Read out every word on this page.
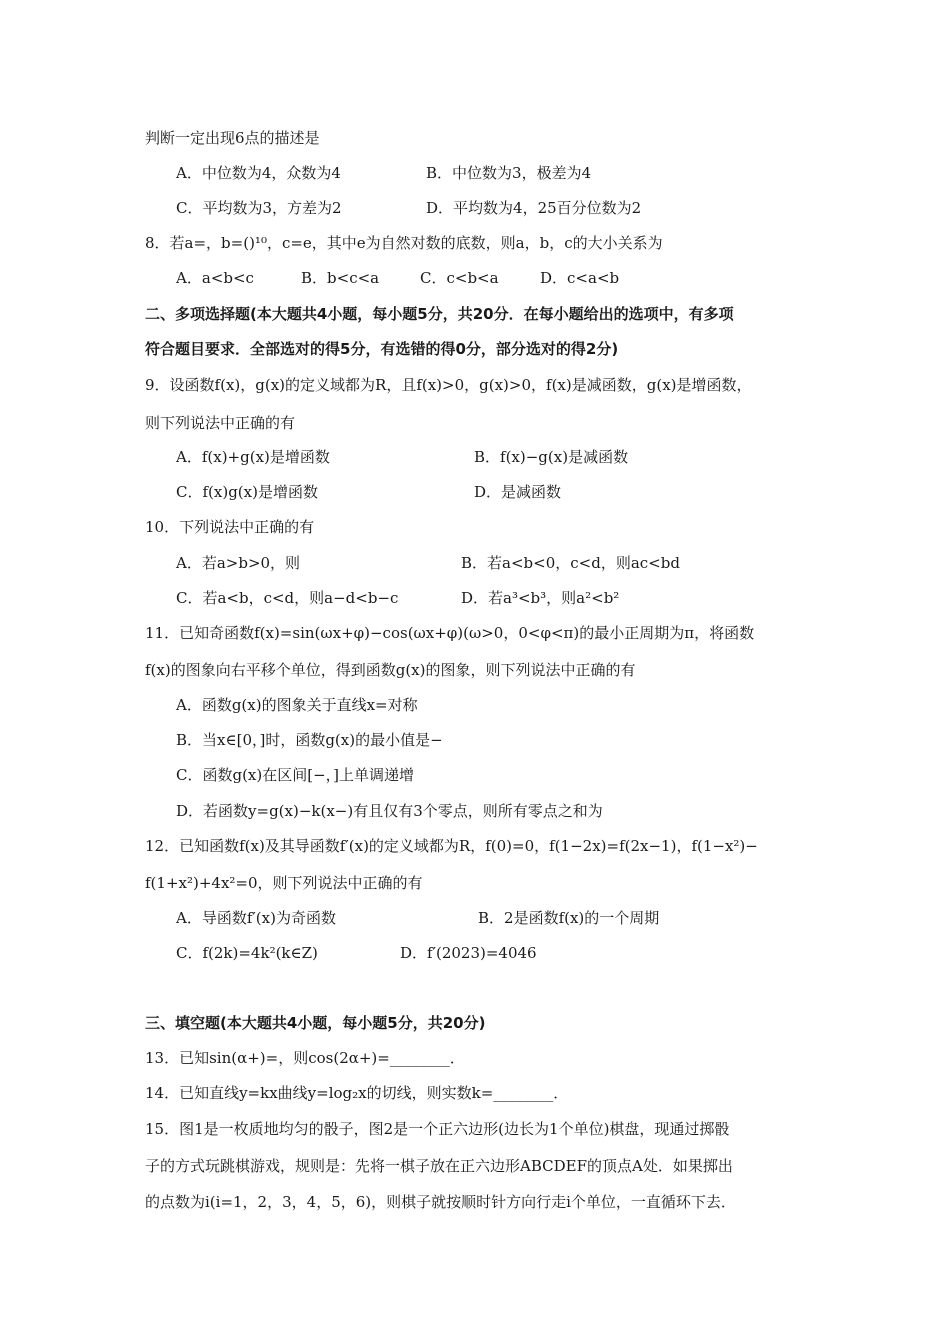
判断一定出现6点的描述是
A．中位数为4，众数为4	B．中位数为3，极差为4
C．平均数为3，方差为2	D．平均数为4，25百分位数为2
8．若a=，b=()¹⁰，c=e，其中e为自然对数的底数，则a，b，c的大小关系为
A．a<b<c	B．b<c<a	C．c<b<a	D．c<a<b
二、多项选择题(本大题共4小题，每小题5分，共20分．在每小题给出的选项中，有多项
符合题目要求．全部选对的得5分，有选错的得0分，部分选对的得2分)
9．设函数f(x)，g(x)的定义域都为R，且f(x)>0，g(x)>0，f(x)是减函数，g(x)是增函数，
则下列说法中正确的有
A．f(x)+g(x)是增函数	B．f(x)−g(x)是减函数
C．f(x)g(x)是增函数	D．是减函数
10．下列说法中正确的有
A．若a>b>0，则	B．若a<b<0，c<d，则ac<bd
C．若a<b，c<d，则a−d<b−c	D．若a³<b³，则a²<b²
11．已知奇函数f(x)=sin(ωx+φ)−cos(ωx+φ)(ω>0，0<φ<π)的最小正周期为π，将函数
f(x)的图象向右平移个单位，得到函数g(x)的图象，则下列说法中正确的有
A．函数g(x)的图象关于直线x=对称
B．当x∈[0，]时，函数g(x)的最小值是−
C．函数g(x)在区间[−，]上单调递增
D．若函数y=g(x)−k(x−)有且仅有3个零点，则所有零点之和为
12．已知函数f(x)及其导函数f′(x)的定义域都为R，f(0)=0，f(1−2x)=f(2x−1)，f(1−x²)−
f(1+x²)+4x²=0，则下列说法中正确的有
A．导函数f′(x)为奇函数	B．2是函数f(x)的一个周期
C．f(2k)=4k²(k∈Z)	D．f′(2023)=4046
三、填空题(本大题共4小题，每小题5分，共20分)
13．已知sin(α+)=，则cos(2α+)=________．
14．已知直线y=kx曲线y=log₂x的切线，则实数k=________．
15．图1是一枚质地均匀的骰子，图2是一个正六边形(边长为1个单位)棋盘，现通过掷骰
子的方式玩跳棋游戏，规则是：先将一棋子放在正六边形ABCDEF的顶点A处．如果掷出
的点数为i(i=1，2，3，4，5，6)，则棋子就按顺时针方向行走i个单位，一直循环下去．
